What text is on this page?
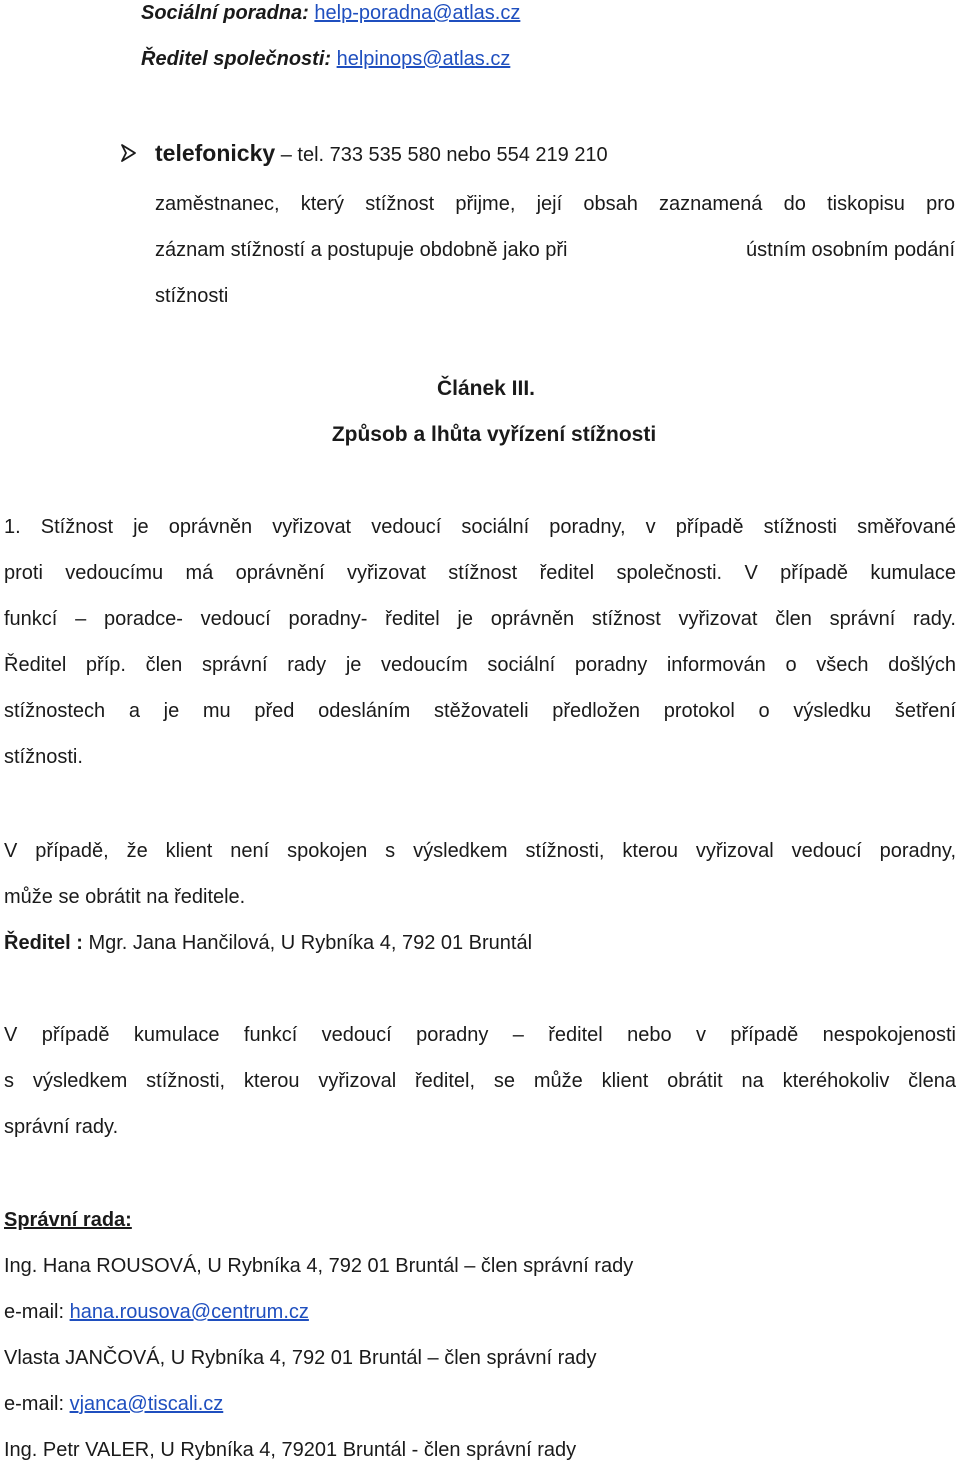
Sociální poradna: help-poradna@atlas.cz
Ředitel společnosti: helpinops@atlas.cz
telefonicky – tel. 733 535 580 nebo 554 219 210
zaměstnanec, který stížnost přijme, její obsah zaznamená do tiskopisu pro
záznam stížností a postupuje obdobně jako při	ústním osobním podání
stížnosti
Článek III.
Způsob a lhůta vyřízení stížnosti
1. Stížnost je oprávněn vyřizovat vedoucí sociální poradny, v případě stížnosti směřované
proti vedoucímu má oprávnění vyřizovat stížnost ředitel společnosti. V případě kumulace
funkcí – poradce- vedoucí poradny- ředitel je oprávněn stížnost vyřizovat člen správní rady.
Ředitel příp. člen správní rady je vedoucím sociální poradny informován o všech došlých
stížnostech a je mu před odesláním stěžovateli předložen protokol o výsledku šetření
stížnosti.
V případě, že klient není spokojen s výsledkem stížnosti, kterou vyřizoval vedoucí poradny,
může se obrátit na ředitele.
Ředitel : Mgr. Jana Hančilová, U Rybníka 4, 792 01 Bruntál
V případě kumulace funkcí vedoucí poradny – ředitel nebo v případě nespokojenosti
s výsledkem stížnosti, kterou vyřizoval ředitel, se může klient obrátit na kteréhokoliv člena
správní rady.
Správní rada:
Ing. Hana ROUSOVÁ, U Rybníka 4, 792 01 Bruntál – člen správní rady
e-mail: hana.rousova@centrum.cz
Vlasta JANČOVÁ, U Rybníka 4, 792 01 Bruntál – člen správní rady
e-mail: vjanca@tiscali.cz
Ing. Petr VALER, U Rybníka 4, 79201 Bruntál - člen správní rady
